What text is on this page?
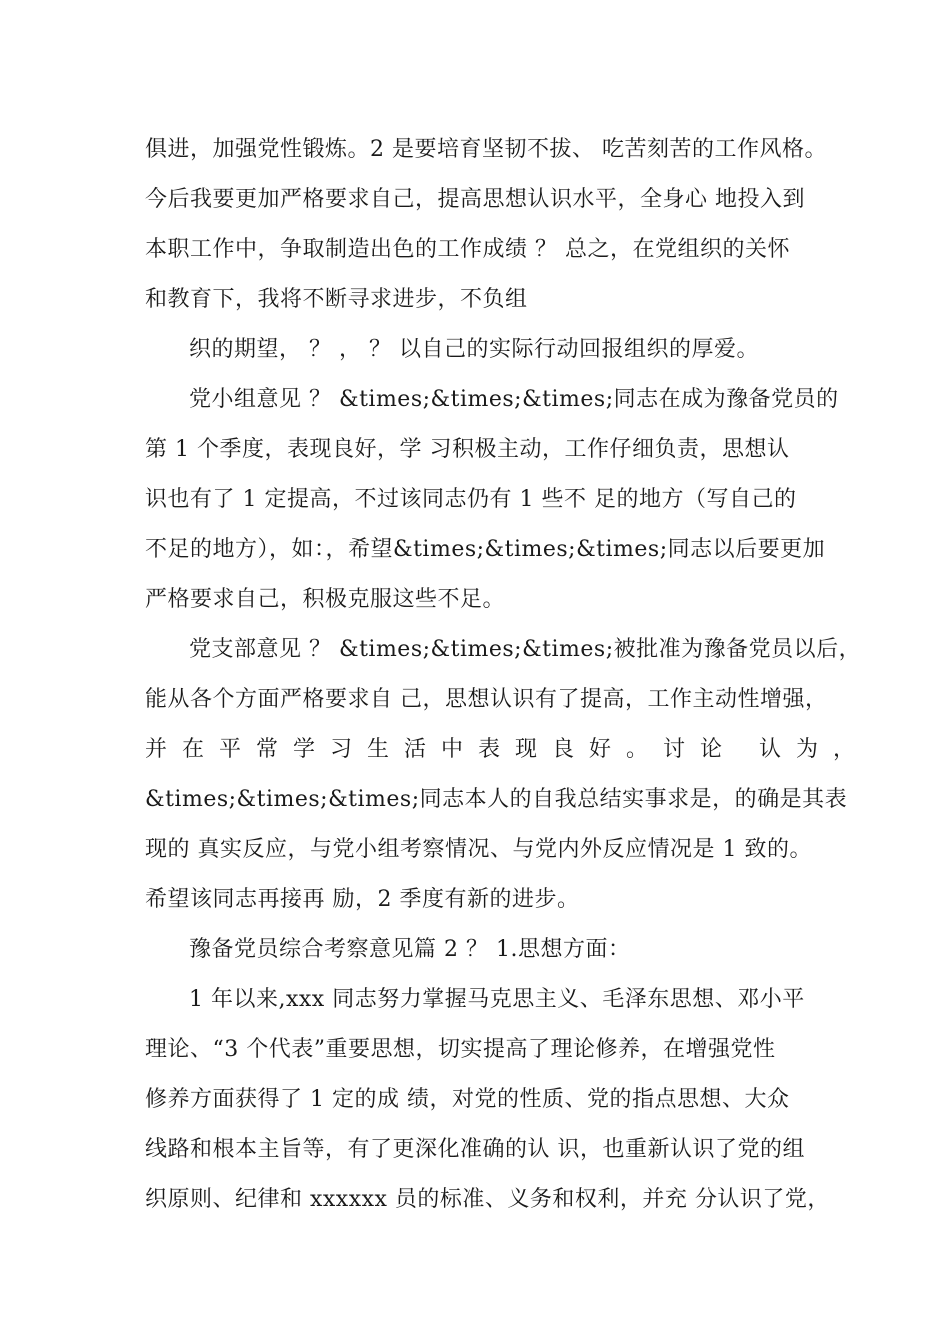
俱进，加强党性锻炼。2 是要培育坚韧不拔、 吃苦刻苦的工作风格。
今后我要更加严格要求自己，提高思想认识水平，全身心 地投入到
本职工作中，争取制造出色的工作成绩 ？ 总之，在党组织的关怀
和教育下，我将不断寻求进步，不负组
织的期望， ？ ， ？ 以自己的实际行动回报组织的厚爱。
党小组意见 ？ &times;&times;&times;同志在成为豫备党员的
第 1 个季度，表现良好，学 习积极主动，工作仔细负责，思想认
识也有了 1 定提高，不过该同志仍有 1 些不 足的地方（写自己的
不足的地方），如：，希望&times;&times;&times;同志以后要更加
严格要求自己，积极克服这些不足。
党支部意见 ？ &times;&times;&times;被批准为豫备党员以后，
能从各个方面严格要求自 己，思想认识有了提高，工作主动性增强，
并在平常学习生活中表现良好。讨论 认为，
&times;&times;&times;同志本人的自我总结实事求是，的确是其表
现的 真实反应，与党小组考察情况、与党内外反应情况是 1 致的。
希望该同志再接再 励，2 季度有新的进步。
豫备党员综合考察意见篇 2 ？ 1.思想方面：
1 年以来,xxx 同志努力掌握马克思主义、毛泽东思想、邓小平
理论、“3 个代表”重要思想，切实提高了理论修养，在增强党性
修养方面获得了 1 定的成 绩，对党的性质、党的指点思想、大众
线路和根本主旨等，有了更深化准确的认 识，也重新认识了党的组
织原则、纪律和 xxxxxx 员的标准、义务和权利，并充 分认识了党，
